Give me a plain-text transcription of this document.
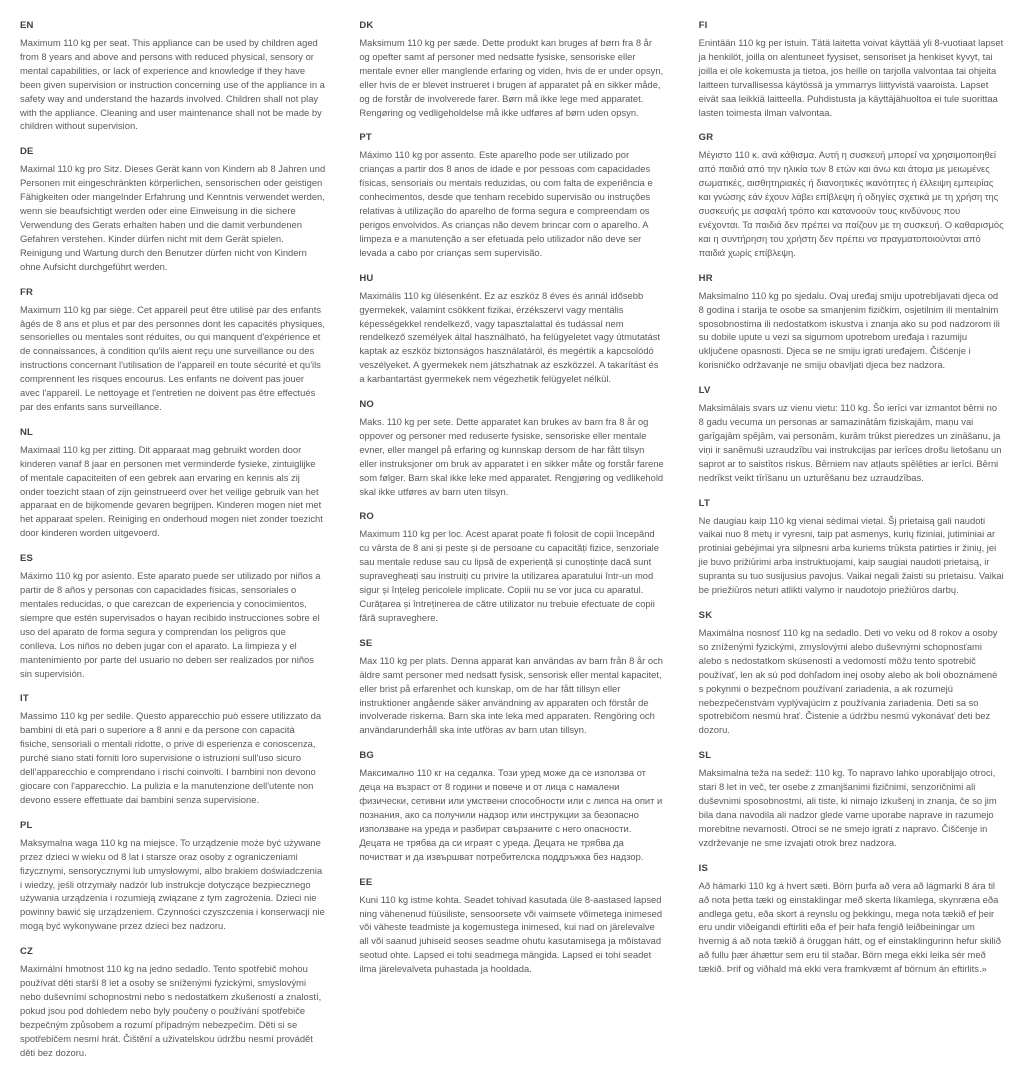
EN

Maximum 110 kg per seat. This appliance can be used by children aged from 8 years and above and persons with reduced physical, sensory or mental capabilities, or lack of experience and knowledge if they have been given supervision or instruction concerning use of the appliance in a safety way and understand the hazards involved. Children shall not play with the appliance. Cleaning and user maintenance shall not be made by children without supervision.

DE

Maximal 110 kg pro Sitz. Dieses Gerät kann von Kindern ab 8 Jahren und Personen mit eingeschränkten körperlichen, sensorischen oder geistigen Fähigkeiten oder mangelnder Erfahrung und Kenntnis verwendet werden, wenn sie beaufsichtigt werden oder eine Einweisung in die sichere Verwendung des Gerats erhalten haben und die damit verbundenen Gefahren verstehen. Kinder dürfen nicht mit dem Gerät spielen. Reinigung und Wartung durch den Benutzer dürfen nicht von Kindern ohne Aufsicht durchgeführt werden.

FR

Maximum 110 kg par siège. Cet appareil peut être utilisé par des enfants âgés de 8 ans et plus et par des personnes dont les capacités physiques, sensorielles ou mentales sont réduites, ou qui manquent d'expérience et de connaissances, à condition qu'ils aient reçu une surveillance ou des instructions concernant l'utilisation de l'appareil en toute sécurité et qu'ils comprennent les risques encourus. Les enfants ne doivent pas jouer avec l'appareil. Le nettoyage et l'entretien ne doivent pas être effectués par des enfants sans surveillance.

NL

Maximaal 110 kg per zitting. Dit apparaat mag gebruikt worden door kinderen vanaf 8 jaar en personen met verminderde fysieke, zintuiglijke of mentale capaciteiten of een gebrek aan ervaring en kennis als zij onder toezicht staan of zijn geinstrueerd over het veilige gebruik van het apparaat en de bijkomende gevaren begrijpen. Kinderen mogen niet met het apparaat spelen. Reiniging en onderhoud mogen niet zonder toezicht door kinderen worden uitgevoerd.

ES

Máximo 110 kg por asiento. Este aparato puede ser utilizado por niños a partir de 8 años y personas con capacidades físicas, sensoriales o mentales reducidas, o que carezcan de experiencia y conocimientos, siempre que estén supervisados o hayan recibido instrucciones sobre el uso del aparato de forma segura y comprendan los peligros que conlleva. Los niños no deben jugar con el aparato. La limpieza y el mantenimiento por parte del usuario no deben ser realizados por niños sin supervisión.

IT

Massimo 110 kg per sedile. Questo apparecchio può essere utilizzato da bambini di età pari o superiore a 8 anni e da persone con capacità fisiche, sensoriali o mentali ridotte, o prive di esperienza e conoscenza, purché siano stati forniti loro supervisione o istruzioni sull'uso sicuro dell'apparecchio e comprendano i rischi coinvolti. I bambini non devono giocare con l'apparecchio. La pulizia e la manutenzione dell'utente non devono essere effettuate dai bambini senza supervisione.

PL

Maksymalna waga 110 kg na miejsce. To urządzenie może być używane przez dzieci w wieku od 8 lat i starsze oraz osoby z ograniczeniami fizycznymi, sensorycznymi lub umysłowymi, albo brakiem doświadczenia i wiedzy, jeśli otrzymały nadzór lub instrukcje dotyczące bezpiecznego używania urządzenia i rozumieją związane z tym zagrożenia. Dzieci nie powinny bawić się urządzeniem. Czynności czyszczenia i konserwacji nie mogą być wykonywane przez dzieci bez nadzoru.

CZ

Maximální hmotnost 110 kg na jedno sedadlo. Tento spotřebič mohou používat děti starší 8 let a osoby se sníženými fyzickými, smyslovými nebo duševními schopnostmi nebo s nedostatkem zkušeností a znalostí, pokud jsou pod dohledem nebo byly poučeny o používání spotřebiče bezpečným způsobem a rozumí případným nebezpečím. Děti si se spotřebičem nesmí hrát. Čištění a uživatelskou údržbu nesmí provádět děti bez dozoru.

DK

Maksimum 110 kg per sæde. Dette produkt kan bruges af børn fra 8 år og opefter samt af personer med nedsatte fysiske, sensoriske eller mentale evner eller manglende erfaring og viden, hvis de er under opsyn, eller hvis de er blevet instrueret i brugen af apparatet på en sikker måde, og de forstår de involverede farer. Børn må ikke lege med apparatet. Rengøring og vedligeholdelse må ikke udføres af børn uden opsyn.

PT

Máximo 110 kg por assento. Este aparelho pode ser utilizado por crianças a partir dos 8 anos de idade e por pessoas com capacidades físicas, sensoriais ou mentais reduzidas, ou com falta de experiência e conhecimentos, desde que tenham recebido supervisão ou instruções relativas à utilização do aparelho de forma segura e compreendam os perigos envolvidos. As crianças não devem brincar com o aparelho. A limpeza e a manutenção a ser efetuada pelo utilizador não deve ser levada a cabo por crianças sem supervisão.

HU

Maximális 110 kg ülésenként. Ez az eszköz 8 éves és annál idősebb gyermekek, valamint csökkent fizikai, érzékszervi vagy mentális képességekkel rendelkező, vagy tapasztalattal és tudással nem rendelkező személyek által használható, ha felügyeletet vagy útmutatást kaptak az eszköz biztonságos használatáról, és megértik a kapcsolódó veszélyeket. A gyermekek nem játszhatnak az eszközzel. A takarítást és a karbantartást gyermekek nem végezhetik felügyelet nélkül.

NO

Maks. 110 kg per sete. Dette apparatet kan brukes av barn fra 8 år og oppover og personer med reduserte fysiske, sensoriske eller mentale evner, eller mangel på erfaring og kunnskap dersom de har fått tilsyn eller instruksjoner om bruk av apparatet i en sikker måte og forstår farene som følger. Barn skal ikke leke med apparatet. Rengjøring og vedlikehold skal ikke utføres av barn uten tilsyn.

RO

Maximum 110 kg per loc. Acest aparat poate fi folosit de copii începând cu vârsta de 8 ani și peste și de persoane cu capacități fizice, senzoriale sau mentale reduse sau cu lipsă de experiență și cunoștințe dacă sunt supravegheați sau instruiți cu privire la utilizarea aparatului într-un mod sigur și înțeleg pericolele implicate. Copiii nu se vor juca cu aparatul. Curățarea și întreținerea de către utilizator nu trebuie efectuate de copii fără supraveghere.

SE

Max 110 kg per plats. Denna apparat kan användas av barn från 8 år och äldre samt personer med nedsatt fysisk, sensorisk eller mental kapacitet, eller brist på erfarenhet och kunskap, om de har fått tillsyn eller instruktioner angående säker användning av apparaten och förstår de involverade riskerna. Barn ska inte leka med apparaten. Rengöring och användarunderhåll ska inte utföras av barn utan tillsyn.

BG

Максимално 110 кг на седалка. Този уред може да се използва от деца на възраст от 8 години и повече и от лица с намалени физически, сетивни или умствени способности или с липса на опит и познания, ако са получили надзор или инструкции за безопасно използване на уреда и разбират свързаните с него опасности. Децата не трябва да си играят с уреда. Децата не трябва да почистват и да извършват потребителска поддръжка без надзор.

EE

Kuni 110 kg istme kohta. Seadet tohivad kasutada üle 8-aastased lapsed ning vähenenud füüsiliste, sensoorsete või vaimsete võimetega inimesed või väheste teadmiste ja kogemustega inimesed, kui nad on järelevalve all või saanud juhiseid seoses seadme ohutu kasutamisega ja mõistavad seotud ohte. Lapsed ei tohi seadmega mängida. Lapsed ei tohi seadet ilma järelevalveta puhastada ja hooldada.

FI

Enintään 110 kg per istuin. Tätä laitetta voivat käyttää yli 8-vuotiaat lapset ja henkilöt, joilla on alentuneet fyysiset, sensoriset ja henkiset kyvyt, tai joilla ei ole kokemusta ja tietoa, jos heille on tarjolla valvontaa tai ohjeita laitteen turvallisessa käytössä ja ymmarrys liittyvistä vaaroista. Lapset eivät saa leikkiä laitteella. Puhdistusta ja käyttäjähuoltoa ei tule suorittaa lasten toimesta ilman valvontaa.

GR

Μέγιστο 110 κ. ανά κάθισμα. Αυτή η συσκευή μπορεί να χρησιμοποιηθεί από παιδιά από την ηλικία των 8 ετών και άνω και άτομα με μειωμένες σωματικές, αισθητηριακές ή διανοητικές ικανότητες ή έλλειψη εμπειρίας και γνώσης εάν έχουν λάβει επίβλεψη ή οδηγίες σχετικά με τη χρήση της συσκευής με ασφαλή τρόπο και κατανοούν τους κινδύνους που ενέχονται. Τα παιδιά δεν πρέπει να παίζουν με τη συσκευή. Ο καθαρισμός και η συντήρηση του χρήστη δεν πρέπει να πραγματοποιούνται από παιδιά χωρίς επίβλεψη.

HR

Maksimalno 110 kg po sjedalu. Ovaj uređaj smiju upotrebljavati djeca od 8 godina i starija te osobe sa smanjenim fizičkim, osjetilnim ili mentalnim sposobnostima ili nedostatkom iskustva i znanja ako su pod nadzorom ili su dobile upute u vezi sa sigurnom upotrebom uređaja i razumiju uključene opasnosti. Djeca se ne smiju igrati uređajem. Čišćenje i korisničko održavanje ne smiju obavljati djeca bez nadzora.

LV

Maksimālais svars uz vienu vietu: 110 kg. Šo ierīci var izmantot bērni no 8 gadu vecuma un personas ar samazinātām fiziskajām, maņu vai garīgajām spējām, vai personām, kurām trūkst pieredzes un zināšanu, ja viņi ir sanēmuši uzraudzību vai instrukcijas par ierīces drošu lietošanu un saprot ar to saistītos riskus. Bērniem nav atļauts spēlēties ar ierīci. Bērni nedrīkst veikt tīrīšanu un uzturēšanu bez uzraudzības.

LT

Ne daugiau kaip 110 kg vienai sėdimai vietai. Šį prietaisą gali naudoti vaikai nuo 8 metų ir vyresni, taip pat asmenys, kurių fiziniai, jutiminiai ar protiniai gebėjimai yra silpnesni arba kuriems trūksta patirties ir žinių, jei jie buvo prižiūrimi arba instruktuojami, kaip saugiai naudoti prietaisą, ir supranta su tuo susijusius pavojus. Vaikai negali žaisti su prietaisu. Vaikai be priežiūros neturi atlikti valymo ir naudotojo priežiūros darbų.

SK

Maximálna nosnosť 110 kg na sedadlo. Deti vo veku od 8 rokov a osoby so zníženými fyzickými, zmyslovými alebo duševnými schopnosťami alebo s nedostatkom skúseností a vedomostí môžu tento spotrebič používať, len ak sú pod dohľadom inej osoby alebo ak boli oboznámené s pokynmi o bezpečnom používaní zariadenia, a ak rozumejú nebezpečenstvám vyplývajúcim z používania zariadenia. Deti sa so spotrebičom nesmú hrať. Čistenie a údržbu nesmú vykonávať deti bez dozoru.

SL

Maksimalna teža na sedež: 110 kg. To napravo lahko uporabljajo otroci, stari 8 let in več, ter osebe z zmanjšanimi fizičnimi, senzoričnimi ali duševnimi sposobnostmi, ali tiste, ki nimajo izkušenj in znanja, če so jim bila dana navodila ali nadzor glede varne uporabe naprave in razumejo morebitne nevarnosti. Otroci se ne smejo igrati z napravo. Čiščenje in vzdrževanje ne sme izvajati otrok brez nadzora.

IS

Að hámarki 110 kg á hvert sæti. Börn þurfa að vera að lágmarki 8 ára til að nota þetta tæki og einstaklingar með skerta líkamlega, skynræna eða andlega getu, eða skort á reynslu og þekkingu, mega nota tækið ef þeir eru undir viðeigandi eftirliti eða ef þeir hafa fengið leiðbeiningar um hvernig á að nota tækið á öruggan hátt, og ef einstaklingurinn hefur skilið að fullu þær áhættur sem eru til staðar. Börn mega ekki leika sér með tækið. Þrif og viðhald má ekki vera framkvæmt af börnum án eftirlits.»
